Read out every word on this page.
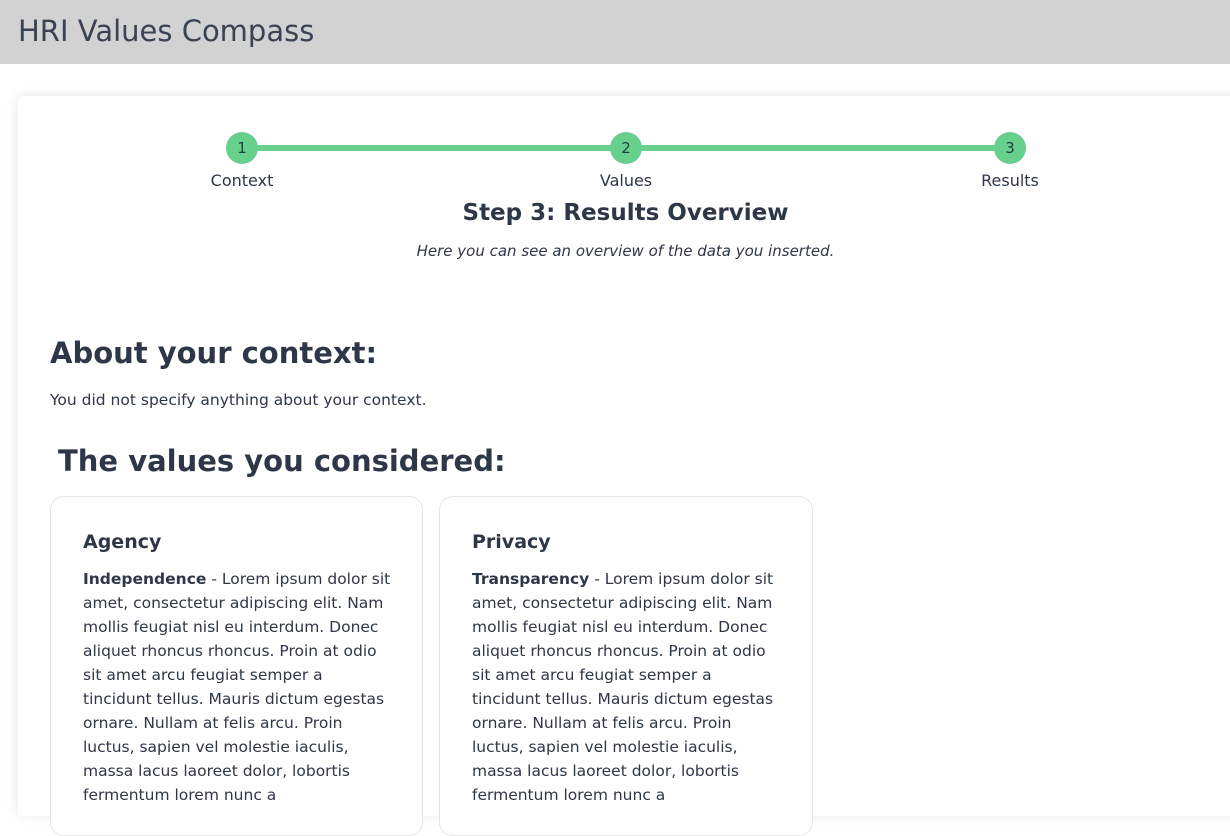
HRI Values Compass
1	2	3
Context	Values	Results
Step 3: Results Overview

Here you can see an overview of the data you inserted.

About your context:

You did not specify anything about your context.

The values you considered:
Agency

Independence - Lorem ipsum dolor sit amet, consectetur adipiscing elit. Nam mollis feugiat nisl eu interdum. Donec aliquet rhoncus rhoncus. Proin at odio sit amet arcu feugiat semper a tincidunt tellus. Mauris dictum egestas ornare. Nullam at felis arcu. Proin luctus, sapien vel molestie iaculis, massa lacus laoreet dolor, lobortis fermentum lorem nunc a

Privacy

Transparency - Lorem ipsum dolor sit amet, consectetur adipiscing elit. Nam mollis feugiat nisl eu interdum. Donec aliquet rhoncus rhoncus. Proin at odio sit amet arcu feugiat semper a tincidunt tellus. Mauris dictum egestas ornare. Nullam at felis arcu. Proin luctus, sapien vel molestie iaculis, massa lacus laoreet dolor, lobortis fermentum lorem nunc a
